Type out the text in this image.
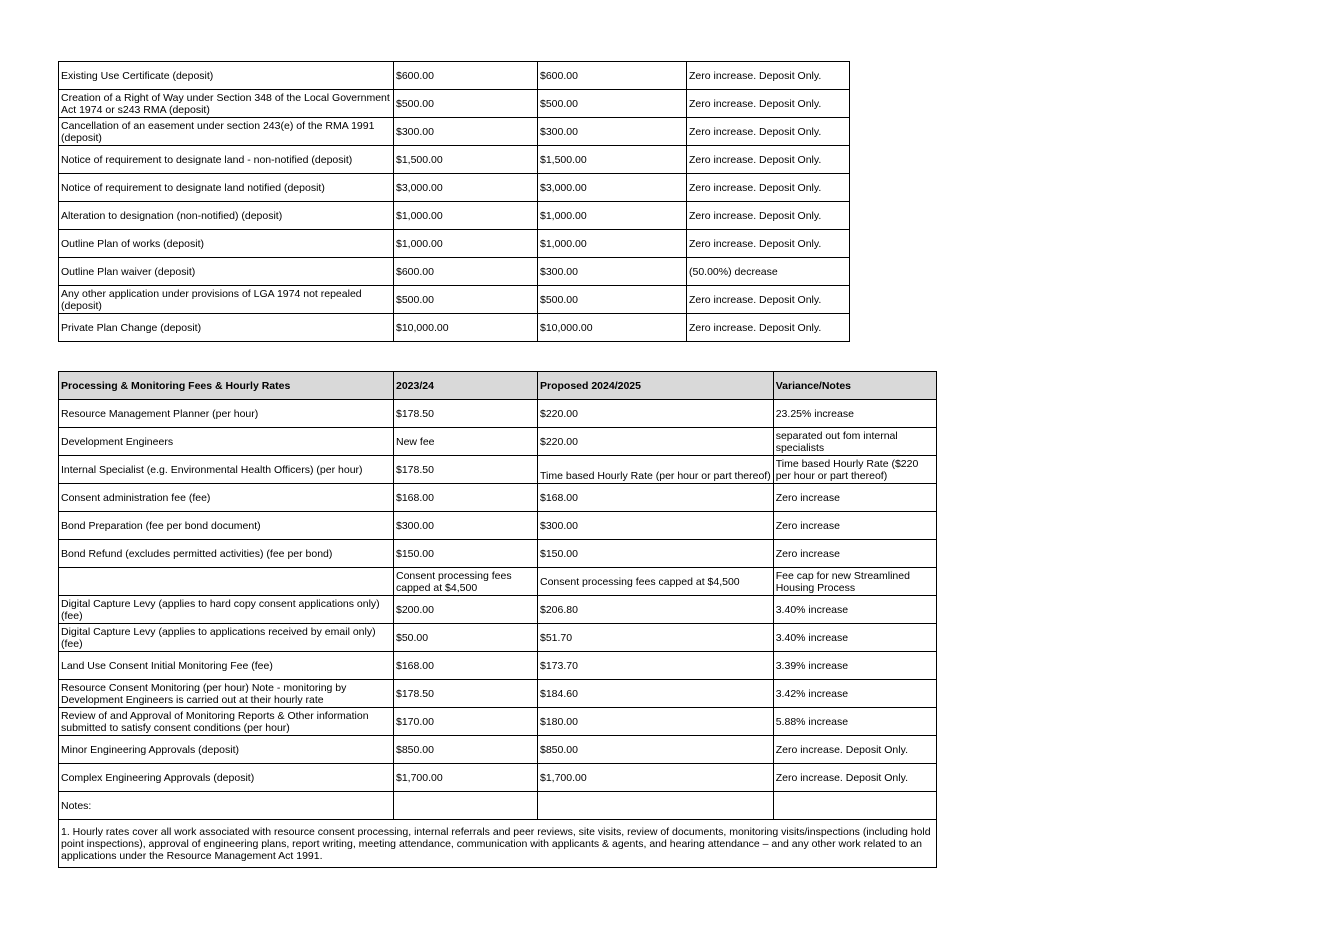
Existing Use Certificate (deposit)	$600.00	$600.00	Zero increase. Deposit Only.
Creation of a Right of Way under Section 348 of the Local Government Act 1974 or s243 RMA (deposit)	$500.00	$500.00	Zero increase. Deposit Only.
Cancellation of an easement under section 243(e) of the RMA 1991 (deposit)	$300.00	$300.00	Zero increase. Deposit Only.
Notice of requirement to designate land - non-notified (deposit)	$1,500.00	$1,500.00	Zero increase. Deposit Only.
Notice of requirement to designate land notified (deposit)	$3,000.00	$3,000.00	Zero increase. Deposit Only.
Alteration to designation (non-notified) (deposit)	$1,000.00	$1,000.00	Zero increase. Deposit Only.
Outline Plan of works (deposit)	$1,000.00	$1,000.00	Zero increase. Deposit Only.
Outline Plan waiver (deposit)	$600.00	$300.00	(50.00%) decrease
Any other application under provisions of LGA 1974 not repealed (deposit)	$500.00	$500.00	Zero increase. Deposit Only.
Private Plan Change (deposit)	$10,000.00	$10,000.00	Zero increase. Deposit Only.
Processing & Monitoring Fees & Hourly Rates	2023/24	Proposed 2024/2025	Variance/Notes
Resource Management Planner (per hour)	$178.50	$220.00	23.25% increase
Development Engineers	New fee	$220.00	separated out fom internal specialists
Internal Specialist (e.g. Environmental Health Officers) (per hour)	$178.50	Time based Hourly Rate (per hour or part thereof)	Time based Hourly Rate ($220 per hour or part thereof)
Consent administration fee (fee)	$168.00	$168.00	Zero increase
Bond Preparation (fee per bond document)	$300.00	$300.00	Zero increase
Bond Refund (excludes permitted activities) (fee per bond)	$150.00	$150.00	Zero increase
	Consent processing fees capped at $4,500	Consent processing fees capped at $4,500	Fee cap for new Streamlined Housing Process
Digital Capture Levy (applies to hard copy consent applications only) (fee)	$200.00	$206.80	3.40% increase
Digital Capture Levy (applies to applications received by email only) (fee)	$50.00	$51.70	3.40% increase
Land Use Consent Initial Monitoring Fee (fee)	$168.00	$173.70	3.39% increase
Resource Consent Monitoring (per hour) Note - monitoring by Development Engineers is carried out at their hourly rate	$178.50	$184.60	3.42% increase
Review of and Approval of Monitoring Reports & Other information submitted to satisfy consent conditions (per hour)	$170.00	$180.00	5.88% increase
Minor Engineering Approvals (deposit)	$850.00	$850.00	Zero increase. Deposit Only.
Complex Engineering Approvals (deposit)	$1,700.00	$1,700.00	Zero increase. Deposit Only.
Notes:			
1. Hourly rates cover all work associated with resource consent processing, internal referrals and peer reviews, site visits, review of documents, monitoring visits/inspections (including hold point inspections), approval of engineering plans, report writing, meeting attendance, communication with applicants & agents, and hearing attendance – and any other work related to an applications under the Resource Management Act 1991.			
